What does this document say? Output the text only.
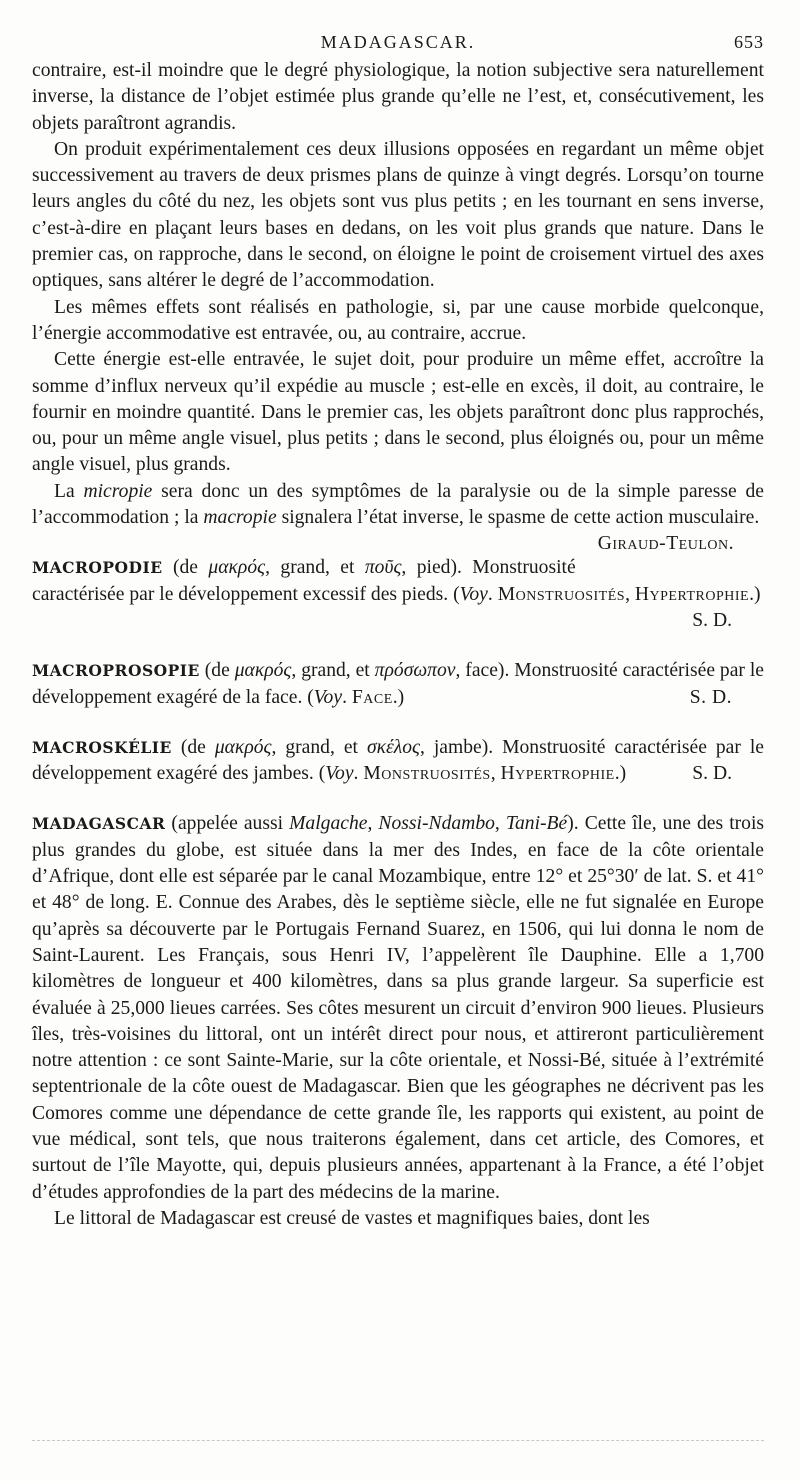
MADAGASCAR.	653

contraire, est-il moindre que le degré physiologique, la notion subjective sera naturellement inverse, la distance de l’objet estimée plus grande qu’elle ne l’est, et, consécutivement, les objets paraîtront agrandis.

On produit expérimentalement ces deux illusions opposées en regardant un même objet successivement au travers de deux prismes plans de quinze à vingt degrés. Lorsqu’on tourne leurs angles du côté du nez, les objets sont vus plus petits ; en les tournant en sens inverse, c’est-à-dire en plaçant leurs bases en dedans, on les voit plus grands que nature. Dans le premier cas, on rapproche, dans le second, on éloigne le point de croisement virtuel des axes optiques, sans altérer le degré de l’accommodation.

Les mêmes effets sont réalisés en pathologie, si, par une cause morbide quelconque, l’énergie accommodative est entravée, ou, au contraire, accrue.

Cette énergie est-elle entravée, le sujet doit, pour produire un même effet, accroître la somme d’influx nerveux qu’il expédie au muscle ; est-elle en excès, il doit, au contraire, le fournir en moindre quantité. Dans le premier cas, les objets paraîtront donc plus rapprochés, ou, pour un même angle visuel, plus petits ; dans le second, plus éloignés ou, pour un même angle visuel, plus grands.

La micropie sera donc un des symptômes de la paralysie ou de la simple paresse de l’accommodation ; la macropie signalera l’état inverse, le spasme de cette action musculaire.
Giraud-Teulon.

MACROPODIE (de μακρός, grand, et ποῦς, pied). Monstruosité caractérisée par le développement excessif des pieds. (Voy. Monstruosités, Hypertrophie.)

S. D.

MACROPROSOPIE (de μακρός, grand, et πρόσωπον, face). Monstruosité caractérisée par le développement exagéré de la face. (Voy. Face.)	S. D.

MACROSKÉLIE (de μακρός, grand, et σκέλος, jambe). Monstruosité caractérisée par le développement exagéré des jambes. (Voy. Monstruosités, Hypertrophie.)	S. D.

MADAGASCAR (appelée aussi Malgache, Nossi-Ndambo, Tani-Bé). Cette île, une des trois plus grandes du globe, est située dans la mer des Indes, en face de la côte orientale d’Afrique, dont elle est séparée par le canal Mozambique, entre 12° et 25°30′ de lat. S. et 41° et 48° de long. E. Connue des Arabes, dès le septième siècle, elle ne fut signalée en Europe qu’après sa découverte par le Portugais Fernand Suarez, en 1506, qui lui donna le nom de Saint-Laurent. Les Français, sous Henri IV, l’appelèrent île Dauphine. Elle a 1,700 kilomètres de longueur et 400 kilomètres, dans sa plus grande largeur. Sa superficie est évaluée à 25,000 lieues carrées. Ses côtes mesurent un circuit d’environ 900 lieues. Plusieurs îles, très-voisines du littoral, ont un intérêt direct pour nous, et attireront particulièrement notre attention : ce sont Sainte-Marie, sur la côte orientale, et Nossi-Bé, située à l’extrémité septentrionale de la côte ouest de Madagascar. Bien que les géographes ne décrivent pas les Comores comme une dépendance de cette grande île, les rapports qui existent, au point de vue médical, sont tels, que nous traiterons également, dans cet article, des Comores, et surtout de l’île Mayotte, qui, depuis plusieurs années, appartenant à la France, a été l’objet d’études approfondies de la part des médecins de la marine.

Le littoral de Madagascar est creusé de vastes et magnifiques baies, dont les
